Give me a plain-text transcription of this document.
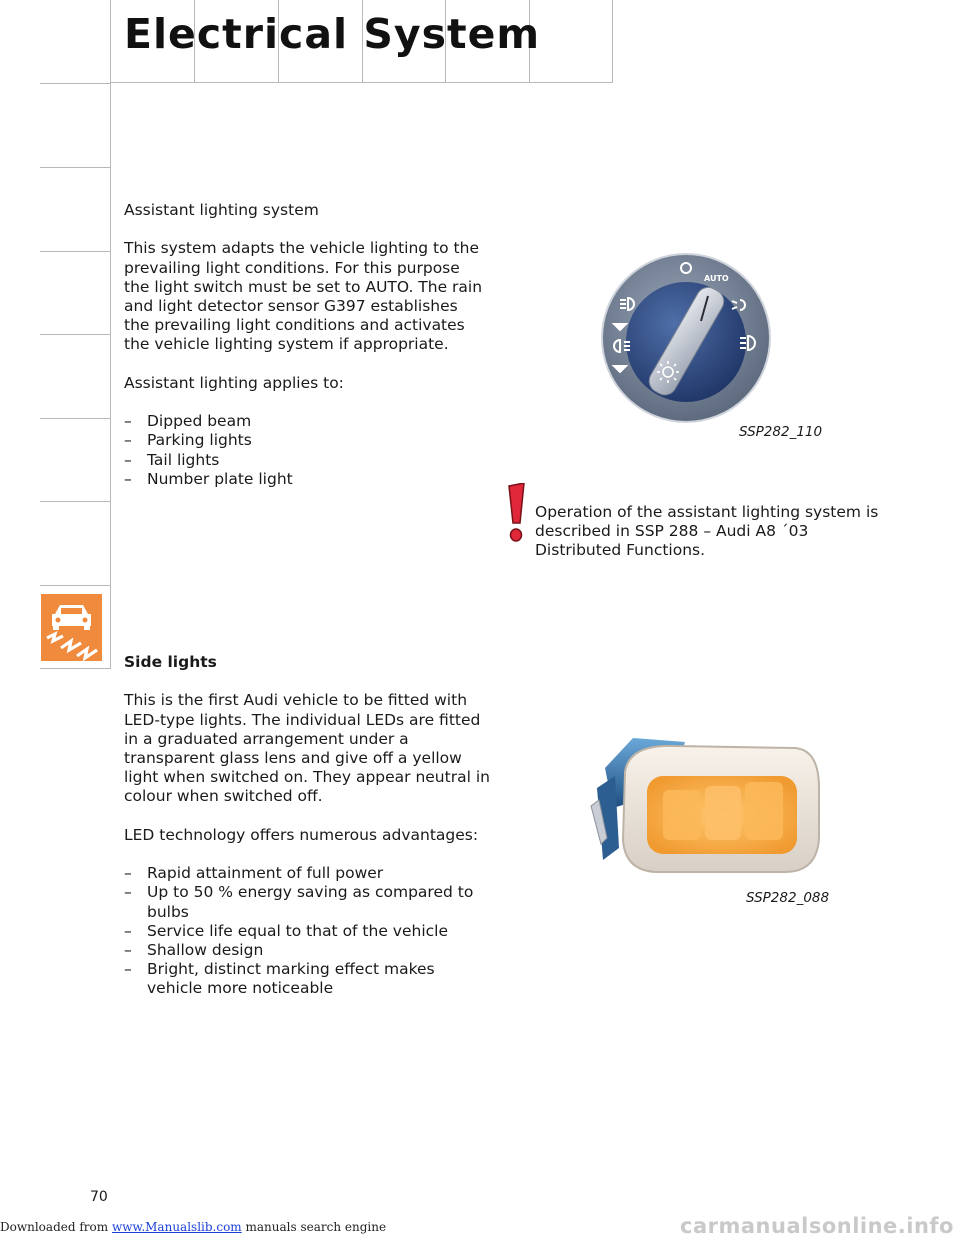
Electrical System

Assistant lighting system

This system adapts the vehicle lighting to the

prevailing light conditions. For this purpose

the light switch must be set to AUTO. The rain

and light detector sensor G397 establishes

the prevailing light conditions and activates

the vehicle lighting system if appropriate.

Assistant lighting applies to:

– Dipped beam
– Parking lights
– Tail lights
– Number plate light
AUTO
SSP282_110

Operation of the assistant lighting system is

described in SSP 288 – Audi A8 ´03

Distributed Functions.

Side lights

This is the first Audi vehicle to be fitted with

LED-type lights. The individual LEDs are fitted

in a graduated arrangement under a

transparent glass lens and give off a yellow

light when switched on. They appear neutral in

colour when switched off.

LED technology offers numerous advantages:

– Rapid attainment of full power
– Up to 50 % energy saving as compared to
bulbs
– Service life equal to that of the vehicle
– Shallow design
– Bright, distinct marking effect makes
vehicle more noticeable
SSP282_088
70
Downloaded from www.Manualslib.com manuals search engine	carmanualsonline.info
